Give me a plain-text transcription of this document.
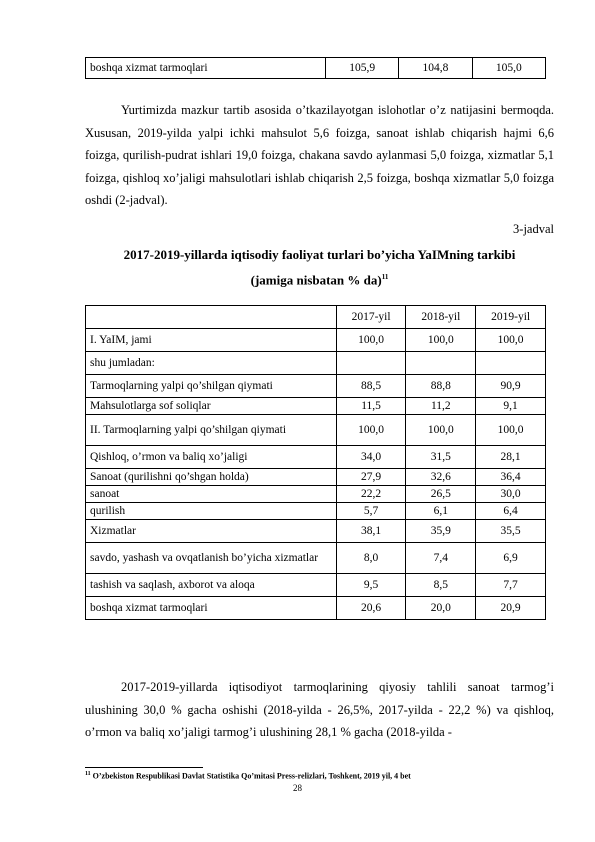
boshqa xizmat tarmoqlari	105,9	104,8	105,0

Yurtimizda mazkur tartib asosida o’tkazilayotgan islohotlar o’z natijasini bermoqda. Xususan, 2019-yilda yalpi ichki mahsulot 5,6 foizga, sanoat ishlab chiqarish hajmi 6,6 foizga, qurilish-pudrat ishlari 19,0 foizga, chakana savdo aylanmasi 5,0 foizga, xizmatlar 5,1 foizga, qishloq xo’jaligi mahsulotlari ishlab chiqarish 2,5 foizga, boshqa xizmatlar 5,0 foizga oshdi (2-jadval).

3-jadval
2017-2019-yillarda iqtisodiy faoliyat turlari bo’yicha YaIMning tarkibi
(jamiga nisbatan % da)$^{11}$
	2017-yil	2018-yil	2019-yil
I. YaIM, jami	100,0	100,0	100,0
shu jumladan:			
Tarmoqlarning yalpi qo’shilgan qiymati	88,5	88,8	90,9
Mahsulotlarga sof soliqlar	11,5	11,2	9,1
II. Tarmoqlarning yalpi qo’shilgan qiymati	100,0	100,0	100,0
Qishloq, o’rmon va baliq xo’jaligi	34,0	31,5	28,1
Sanoat (qurilishni qo’shgan holda)	27,9	32,6	36,4
sanoat	22,2	26,5	30,0
qurilish	5,7	6,1	6,4
Xizmatlar	38,1	35,9	35,5
savdo, yashash va ovqatlanish bo’yicha xizmatlar	8,0	7,4	6,9
tashish va saqlash, axborot va aloqa	9,5	8,5	7,7
boshqa xizmat tarmoqlari	20,6	20,0	20,9

2017-2019-yillarda iqtisodiyot tarmoqlarining qiyosiy tahlili sanoat tarmog’i ulushining 30,0 % gacha oshishi (2018-yilda - 26,5%, 2017-yilda - 22,2 %) va qishloq, o’rmon va baliq xo’jaligi tarmog’i ulushining 28,1 % gacha (2018-yilda -

$^{11}$ O’zbekiston Respublikasi Davlat Statistika Qo’mitasi Press-relizlari, Toshkent, 2019 yil, 4 bet
28
